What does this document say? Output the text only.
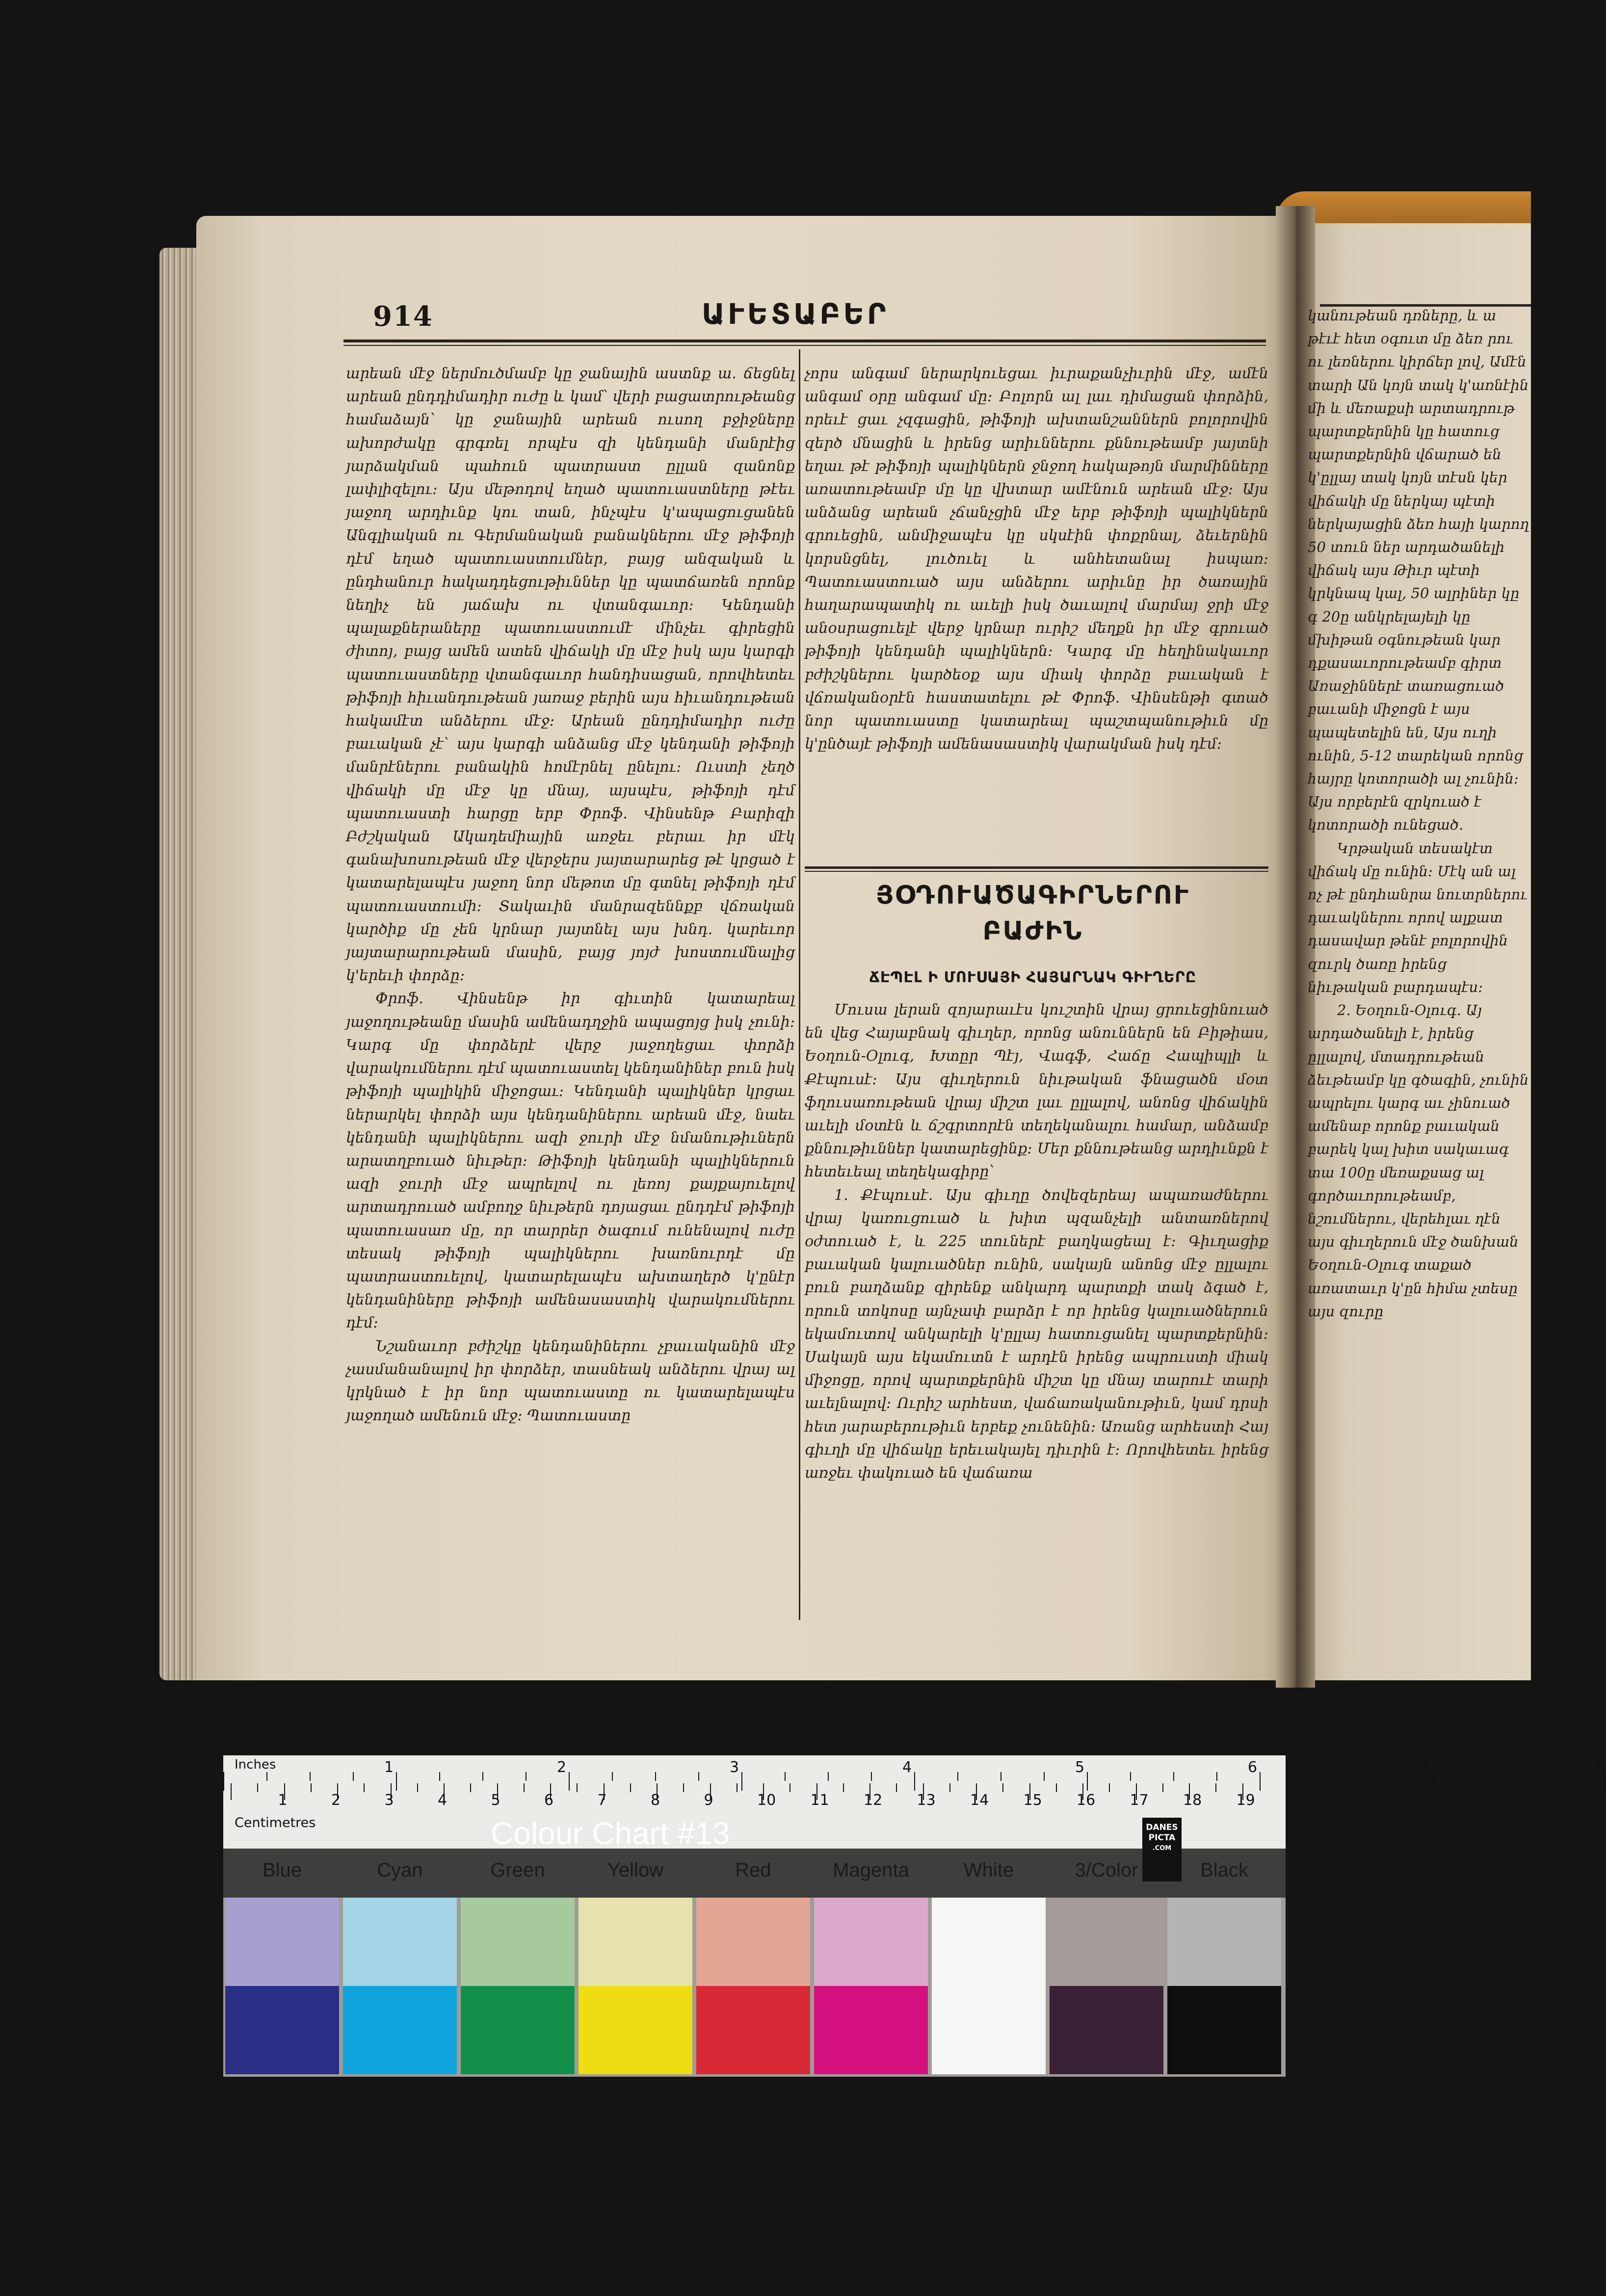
914	ԱՒԵՏԱԲԵՐ

արեան մէջ ներմուծմամբ կը ջանային աստնք ա. ճեցնել արեան ընդդիմադիր ուժը և կամ՝ վերի բացատրութեանց համաձայն՝ կը ջանային արեան ուսող բջիջները ախորժակը գրգռել որպէս զի կենդանի մանրէից յարձակման պահուն պատրաստ ըլլան զանոնք լափլիզելու։ Այս մեթոդով եղած պատուաստները թէեւ յաջող արդիւնք կու տան, ինչպէս կ'ապացուցանեն Անգլիական ու Գերմանական բանակներու մէջ թիֆոյի դէմ եղած պատուաստումներ, բայց անզական և ընդհանուր հակադդեցութիւններ կը պատճառեն որոնք նեղիչ են յաճախ ու վտանգաւոր։ Կենդանի պալաքներաները պատուաստումէ մինչեւ գիրեցին ժիտոյ, բայց ամեն ատեն վիճակի մը մէջ իսկ այս կարգի պատուաստները վտանգաւոր հանդիսացան, որովհետեւ թիֆոյի հիւանդութեան յառաջ բերին այս հիւանդութեան հակամէտ անձերու մէջ։ Արեան ընդդիմադիր ուժը բաւական չէ՝ այս կարգի անձանց մէջ կենդանի թիֆոյի մանրէներու բանակին հոմէրնել ընելու։ Ուստի չեղծ վիճակի մը մէջ կը մնայ, այսպէս, թիֆոյի դէմ պատուաստի հարցը երբ Փրոֆ. Վինսենթ Բարիզի Բժշկական Ակադեմիային առջեւ բերաւ իր մէկ գանախոսութեան մէջ վերջերս յայտարարեց թէ կրցած է կատարելապէս յաջող նոր մեթոտ մը գտնել թիֆոյի դէմ պատուաստումի։ Տակաւին մանրազեննքբ վճռական կարծիք մը չեն կրնար յայտնել այս խնդ. կարեւոր յայտարարութեան մասին, բայց յոյժ խոստումնալից կ'երեւի փորձը։

Փրոֆ. Վինսենթ իր գիւտին կատարեալ յաջողութեանը մասին ամենադղջին ապացոյց իսկ չունի։ Կարգ մը փորձերէ վերջ յաջողեցաւ փորձի վարակումներու դէմ պատուաստել կենդանիներ բուն իսկ թիֆոյի պալիկին միջոցաւ։ Կենդանի պալիկներ կրցաւ ներարկել փորձի այս կենդանիներու արեան մէջ, նաեւ կենդանի պալիկներու ազի ջուրի մէջ նմանութիւներն արատղբուած նիւթեր։ Թիֆոյի կենդանի պալիկներուն ազի ջուրի մէջ ապրելով ու լեռոյ քայքայուելով արտադրուած ամբողջ նիւթերն դոյացաւ ընդդէմ թիֆոյի պատուասառ մը, որ տարրեր ծագում ունենալով ուժը տեսակ թիֆոյի պալիկներու խառնուրդէ մը պատրաստուելով, կատարելապէս ախտաղերծ կ'ընէր կենդանիները թիֆոյի ամենասաստիկ վարակումներու դէմ։

Նշանաւոր բժիշկը կենդանիներու չբաւականին մէջ չասմանանալով իր փորձեր, տասնեակ անձերու վրայ ալ կրկնած է իր նոր պատուաստը ու կատարելապէս յաջողած ամենուն մէջ։ Պատուաստը

չորս անգամ ներարկուեցաւ իւրաքանչիւրին մէջ, ամէն անգամ օրը անգամ մը։ Բոլորն ալ լաւ դիմացան փորձին, որեւէ ցաւ չզգացին, թիֆոյի ախտանշաններն բոլորովին զերծ մնացին և իրենց արիւններու քննութեամբ յայտնի եղաւ թէ թիֆոյի պալիկներն ջնջող հակաթոյն մարմինները առատութեամբ մը կը վխտար ամէնուն արեան մէջ։ Այս անձանց արեան չճանչցին մէջ երբ թիֆոյի պալիկներն գրուեցին, անմիջապէս կը սկսէին փոքրնալ, ձեւերնին կորսնցնել, լուծուել և անհետանալ իսպառ։ Պատուաստուած այս անձերու արիւնը իր ծառային հաղարապատիկ ու աւելի իսկ ծաւալով մարմայ ջրի մէջ անօսրացուելէ վերջ կրնար ուրիշ մեղքն իր մէջ գրուած թիֆոյի կենդանի պալիկներն։ Կարգ մը հեղինակաւոր բժիշկներու կարծեօք այս միակ փորձը բաւական է վճռականօրէն հաստատելու թէ Փրոֆ. Վինսենթի գտած նոր պատուաստը կատարեալ պաշտպանութիւն մը կ'ընծայէ թիֆոյի ամենասաստիկ վարակման իսկ դէմ։

ՅՕԴՈՒԱԾԱԳԻՐՆԵՐՈՒ
ԲԱԺԻՆ
ՃԷՊԷԼ Ի ՄՈՒՍԱՅԻ ՀԱՅԱՐՆԱԿ ԳԻՒՂԵՐԸ

Մուսա լերան զոյարաւէս կուշտին վրայ ցրուեցինուած են վեց Հայաբնակ գիւղեր, որոնց անուններն են Բիթիաս, Եօղուն-Օլուգ, Խտըր Պէյ, Վագֆ, Հաճը Հապիպլի և Քէպուսէ։ Այս գիւղերուն նիւթական ֆնացածն մօտ ֆղուսառութեան վրայ միշտ լաւ ըլլալով, անոնց վիճակին աւելի մօտէն և ճշգրտորէն տեղեկանալու համար, անձամբ քննութիւններ կատարեցինք։ Մեր քննութեանց արդիւնքն է հետեւեալ տեղեկագիրը՝

1. Քէպուսէ․ Այս գիւղը ծովեզերեայ ապառաժներու վրայ կառուցուած և խիտ պզանչելի անտառներով օժտուած է, և 225 տուներէ բաղկացեալ է։ Գիւղացիք բաւական կալուածներ ունին, սակայն անոնց մէջ ըլլալու բուն բաղձանք զիրենք անկարդ պարտքի տակ ձգած է, որուն տոկոսը այնչափ բարձր է որ իրենց կալուածներուն եկամուտով անկարելի կ'ըլլայ հատուցանել պարտքերնին։ Սակայն այս եկամուտն է արդէն իրենց ապրուստի միակ միջոցը, որով պարտքերնին միշտ կը մնայ տարուէ տարի աւելնալով։ Ուրիշ արհեստ, վաճառականութիւն, կամ դրսի հետ յարաբերութիւն երբեք չունենին։ Առանց արհեստի Հայ գիւղի մը վիճակը երեւակայել դիւրին է։ Որովհետեւ իրենց առջեւ փակուած են վաճառա

կանութեան դռները, և ա թէւէ հետ օգուտ մը ձեռ րու ու լեռներու կիրճեր լով, Ամէն տարի Ան կոյն տակ կ'առնէին մի և մեռաքսի արտադրութ պարտքերնին կը հատուց պարտքերնին վճարած են կ'ըլլայ տակ կոյն տէսն կեր վիճակի մը ներկայ պէտի ներկայացին ձեռ հայի կարող 50 տուն ներ արդածանելի վիճակ այս Թիւր պէտի կրկնապ կալ, 50 ալրիներ կը գ 20ը անկրելայելի կը մխիթան օգնութեան կար դքասաւորութեամբ գիրտ Առաջիններէ տառացուած բաւանի միջոցն է այս պապետելին են, Այս ուղի ունին, 5-12 տարեկան որոնց հայրը կոտորածի ալ չունին։ Այս որբերէն զրկուած է կոտորածի ունեցած․

Կրթական տեսակէտ վիճակ մը ունին։ Մէկ ան ալ ոչ թէ ընդհանրա նուտրներու դաւակներու որով ալքատ դասավար թենէ բոլորովին զուրկ ծառը իրենց նիւթական բարդապէս։

2. Եօղուն-Օլուգ․ Այ արդածանելի է, իրենց ըլլալով, մտադրութեան ձեւթեամբ կը գծագին, չունին ապրելու կարգ աւ չինուած ամենաբ որոնք բաւական բարեկ կալ խիտ սակաւագ տա 100ը մեռաքսաց ալ գործաւորութեամբ, նշումներու, վերեհլաւ ղէն այս գիւղերուն մէջ ծանխան Եօղուն-Օլուգ տաքած առատաւր կ'ըն հիմա չտեսը այս զուրը

Inches
Centimetres
1	2	3	4	5	6	7	8
1	2	3	4	5	6	7	8	9	10 11 12 13 14 15 16 17 18 19
Colour Chart #13	DANES
PICTA
.COM
Blue	Cyan	Green	Yellow	Red	Magenta	White	3/Color	Black
